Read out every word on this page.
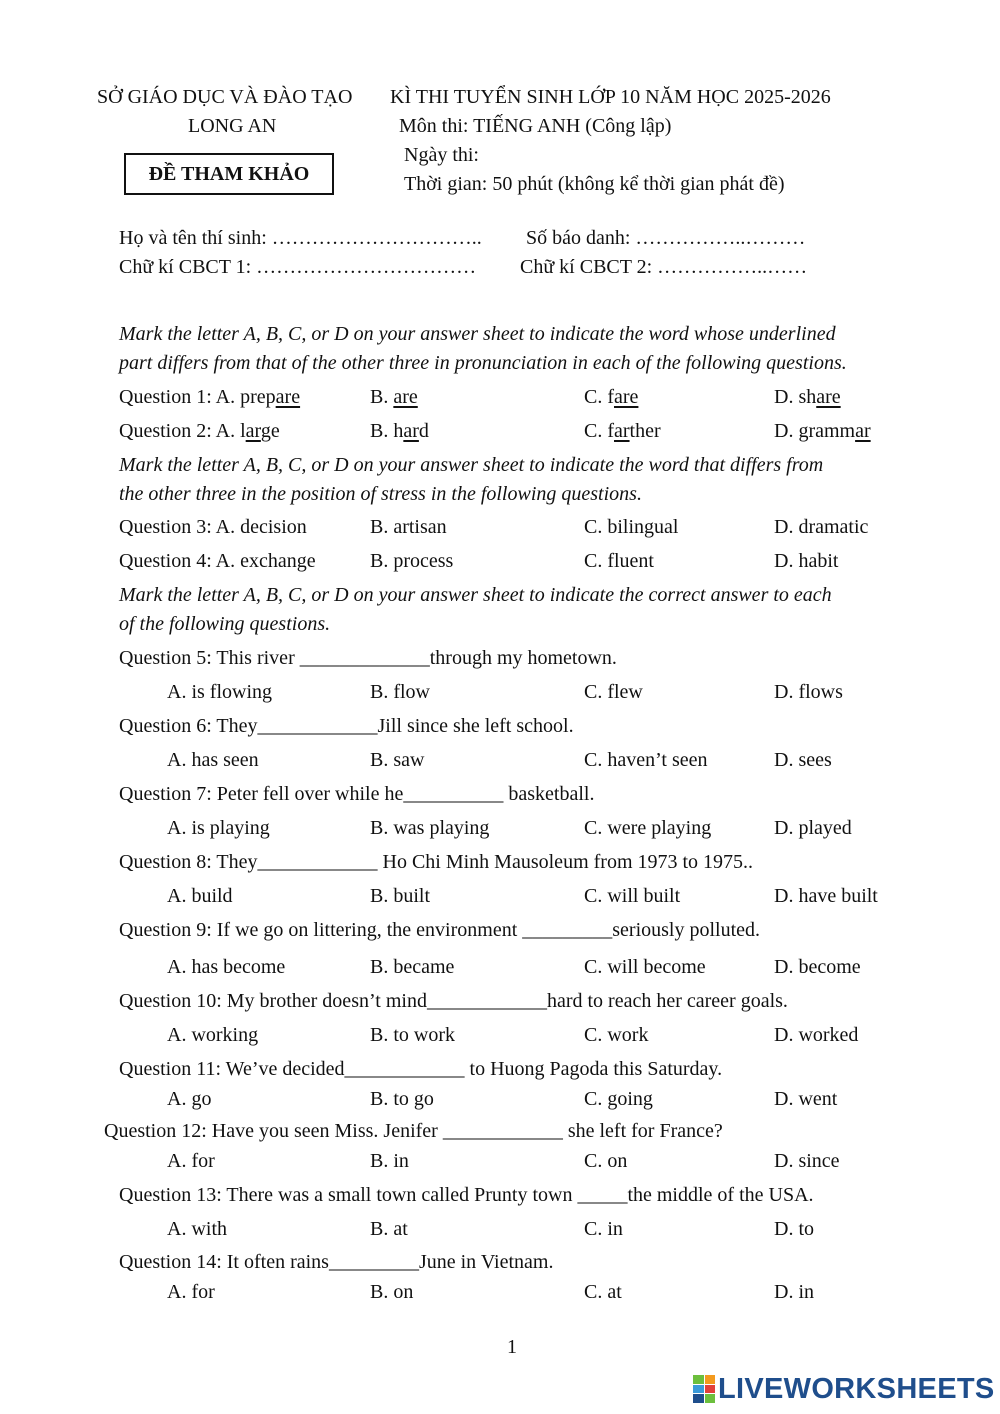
SỞ GIÁO DỤC VÀ ĐÀO TẠO KÌ THI TUYỂN SINH LỚP 10 NĂM HỌC 2025-2026
LONG AN	Môn thi: TIẾNG ANH (Công lập)
Ngày thi:
ĐỀ THAM KHẢO	Thời gian: 50 phút (không kể thời gian phát đề)
Họ và tên thí sinh: ………………………….. Số báo danh: ……………..………
Chữ kí CBCT 1: …………………………… Chữ kí CBCT 2: ……………..……
Mark the letter A, B, C, or D on your answer sheet to indicate the word whose underlined
part differs from that of the other three in pronunciation in each of the following questions.
Question 1: A. prepare	B. are	C. fare	D. share
Question 2: A. large	B. hard	C. farther	D. grammar
Mark the letter A, B, C, or D on your answer sheet to indicate the word that differs from
the other three in the position of stress in the following questions.
Question 3: A. decision	B. artisan	C. bilingual	D. dramatic
Question 4: A. exchange	B. process	C. fluent	D. habit
Mark the letter A, B, C, or D on your answer sheet to indicate the correct answer to each
of the following questions.
Question 5: This river _____________through my hometown.
A. is flowing	B. flow	C. flew	D. flows
Question 6: They____________Jill since she left school.
A. has seen	B. saw	C. haven’t seen	D. sees
Question 7: Peter fell over while he__________ basketball.
A. is playing	B. was playing	C. were playing	D. played
Question 8: They____________ Ho Chi Minh Mausoleum from 1973 to 1975..
A. build	B. built	C. will built	D. have built
Question 9: If we go on littering, the environment _________seriously polluted.
A. has become	B. became	C. will become	D. become
Question 10: My brother doesn’t mind____________hard to reach her career goals.
A. working	B. to work	C. work	D. worked
Question 11: We’ve decided____________ to Huong Pagoda this Saturday.
A. go	B. to go	C. going	D. went
Question 12: Have you seen Miss. Jenifer ____________ she left for France?
A. for	B. in	C. on	D. since
Question 13: There was a small town called Prunty town _____the middle of the USA.
A. with	B. at	C. in	D. to
Question 14: It often rains_________June in Vietnam.
A. for	B. on	C. at	D. in
1
LIVEWORKSHEETS
